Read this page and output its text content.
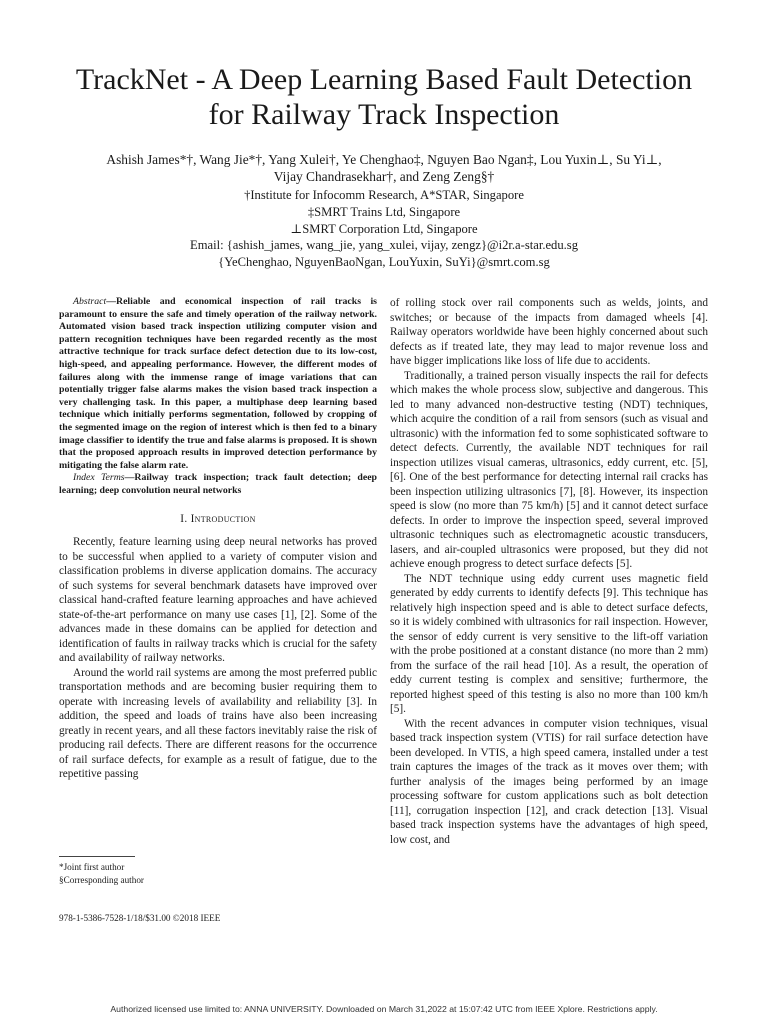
TrackNet - A Deep Learning Based Fault Detection
for Railway Track Inspection
Ashish James*†, Wang Jie*†, Yang Xulei†, Ye Chenghao‡, Nguyen Bao Ngan‡, Lou Yuxin⊥, Su Yi⊥,
Vijay Chandrasekhar†, and Zeng Zeng§†
†Institute for Infocomm Research, A*STAR, Singapore
‡SMRT Trains Ltd, Singapore
⊥SMRT Corporation Ltd, Singapore
Email: {ashish_james, wang_jie, yang_xulei, vijay, zengz}@i2r.a-star.edu.sg
{YeChenghao, NguyenBaoNgan, LouYuxin, SuYi}@smrt.com.sg

Abstract—Reliable and economical inspection of rail tracks is paramount to ensure the safe and timely operation of the railway network. Automated vision based track inspection utilizing computer vision and pattern recognition techniques have been regarded recently as the most attractive technique for track surface defect detection due to its low-cost, high-speed, and appealing performance. However, the different modes of failures along with the immense range of image variations that can potentially trigger false alarms makes the vision based track inspection a very challenging task. In this paper, a multiphase deep learning based technique which initially performs segmentation, followed by cropping of the segmented image on the region of interest which is then fed to a binary image classifier to identify the true and false alarms is proposed. It is shown that the proposed approach results in improved detection performance by mitigating the false alarm rate.

Index Terms—Railway track inspection; track fault detection; deep learning; deep convolution neural networks

I. Introduction

Recently, feature learning using deep neural networks has proved to be successful when applied to a variety of computer vision and classification problems in diverse application domains. The accuracy of such systems for several benchmark datasets have improved over classical hand-crafted feature learning approaches and have achieved state-of-the-art performance on many use cases [1], [2]. Some of the advances made in these domains can be applied for detection and identification of faults in railway tracks which is crucial for the safety and availability of railway networks.

Around the world rail systems are among the most preferred public transportation methods and are becoming busier requiring them to operate with increasing levels of availability and reliability [3]. In addition, the speed and loads of trains have also been increasing greatly in recent years, and all these factors inevitably raise the risk of producing rail defects. There are different reasons for the occurrence of rail surface defects, for example as a result of fatigue, due to the repetitive passing

*Joint first author
§Corresponding author
978-1-5386-7528-1/18/$31.00 ©2018 IEEE

of rolling stock over rail components such as welds, joints, and switches; or because of the impacts from damaged wheels [4]. Railway operators worldwide have been highly concerned about such defects as if treated late, they may lead to major revenue loss and have bigger implications like loss of life due to accidents.

Traditionally, a trained person visually inspects the rail for defects which makes the whole process slow, subjective and dangerous. This led to many advanced non-destructive testing (NDT) techniques, which acquire the condition of a rail from sensors (such as visual and ultrasonic) with the information fed to some sophisticated software to detect defects. Currently, the available NDT techniques for rail inspection utilizes visual cameras, ultrasonics, eddy current, etc. [5], [6]. One of the best performance for detecting internal rail cracks has been inspection utilizing ultrasonics [7], [8]. However, its inspection speed is slow (no more than 75 km/h) [5] and it cannot detect surface defects. In order to improve the inspection speed, several improved ultrasonic techniques such as electromagnetic acoustic transducers, lasers, and air-coupled ultrasonics were proposed, but they did not achieve enough progress to detect surface defects [5].

The NDT technique using eddy current uses magnetic field generated by eddy currents to identify defects [9]. This technique has relatively high inspection speed and is able to detect surface defects, so it is widely combined with ultrasonics for rail inspection. However, the sensor of eddy current is very sensitive to the lift-off variation with the probe positioned at a constant distance (no more than 2 mm) from the surface of the rail head [10]. As a result, the operation of eddy current testing is complex and sensitive; furthermore, the reported highest speed of this testing is also no more than 100 km/h [5].

With the recent advances in computer vision techniques, visual based track inspection system (VTIS) for rail surface detection have been developed. In VTIS, a high speed camera, installed under a test train captures the images of the track as it moves over them; with further analysis of the images being performed by an image processing software for custom applications such as bolt detection [11], corrugation inspection [12], and crack detection [13]. Visual based track inspection systems have the advantages of high speed, low cost, and

Authorized licensed use limited to: ANNA UNIVERSITY. Downloaded on March 31,2022 at 15:07:42 UTC from IEEE Xplore. Restrictions apply.
